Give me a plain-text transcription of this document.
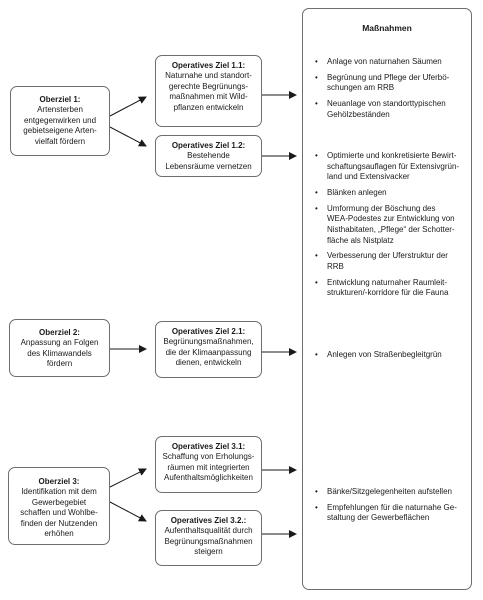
Oberziel 1:
Artensterben
entgegenwirken und
gebietseigene Arten-
vielfalt fördern
Oberziel 2:
Anpassung an Folgen
des Klimawandels
fördern
Oberziel 3:
Identifikation mit dem
Gewerbegebiet
schaffen und Wohlbe-
finden der Nutzenden
erhöhen
Operatives Ziel 1.1:
Naturnahe und standort-
gerechte Begrünungs-
maßnahmen mit Wild-
pflanzen entwickeln
Operatives Ziel 1.2:
Bestehende
Lebensräume vernetzen
Operatives Ziel 2.1:
Begrünungsmaßnahmen,
die der Klimaanpassung
dienen, entwickeln
Operatives Ziel 3.1:
Schaffung von Erholungs-
räumen mit integrierten
Aufenthaltsmöglichkeiten
Operatives Ziel 3.2.:
Aufenthaltsqualität durch
Begrünungsmaßnahmen
steigern
Maßnahmen
• Anlage von naturnahen Säumen
• Begrünung und Pflege der Uferbö-
schungen am RRB
• Neuanlage von standorttypischen
Gehölzbeständen
• Optimierte und konkretisierte Bewirt-
schaftungsauflagen für Extensivgrün-
land und Extensivacker
• Blänken anlegen
• Umformung der Böschung des
WEA-Podestes zur Entwicklung von
Nisthabitaten, „Pflege“ der Schotter-
fläche als Nistplatz
• Verbesserung der Uferstruktur der
RRB
• Entwicklung naturnaher Raumleit-
strukturen/-korridore für die Fauna
• Anlegen von Straßenbegleitgrün
• Bänke/Sitzgelegenheiten aufstellen
• Empfehlungen für die naturnahe Ge-
staltung der Gewerbeflächen
